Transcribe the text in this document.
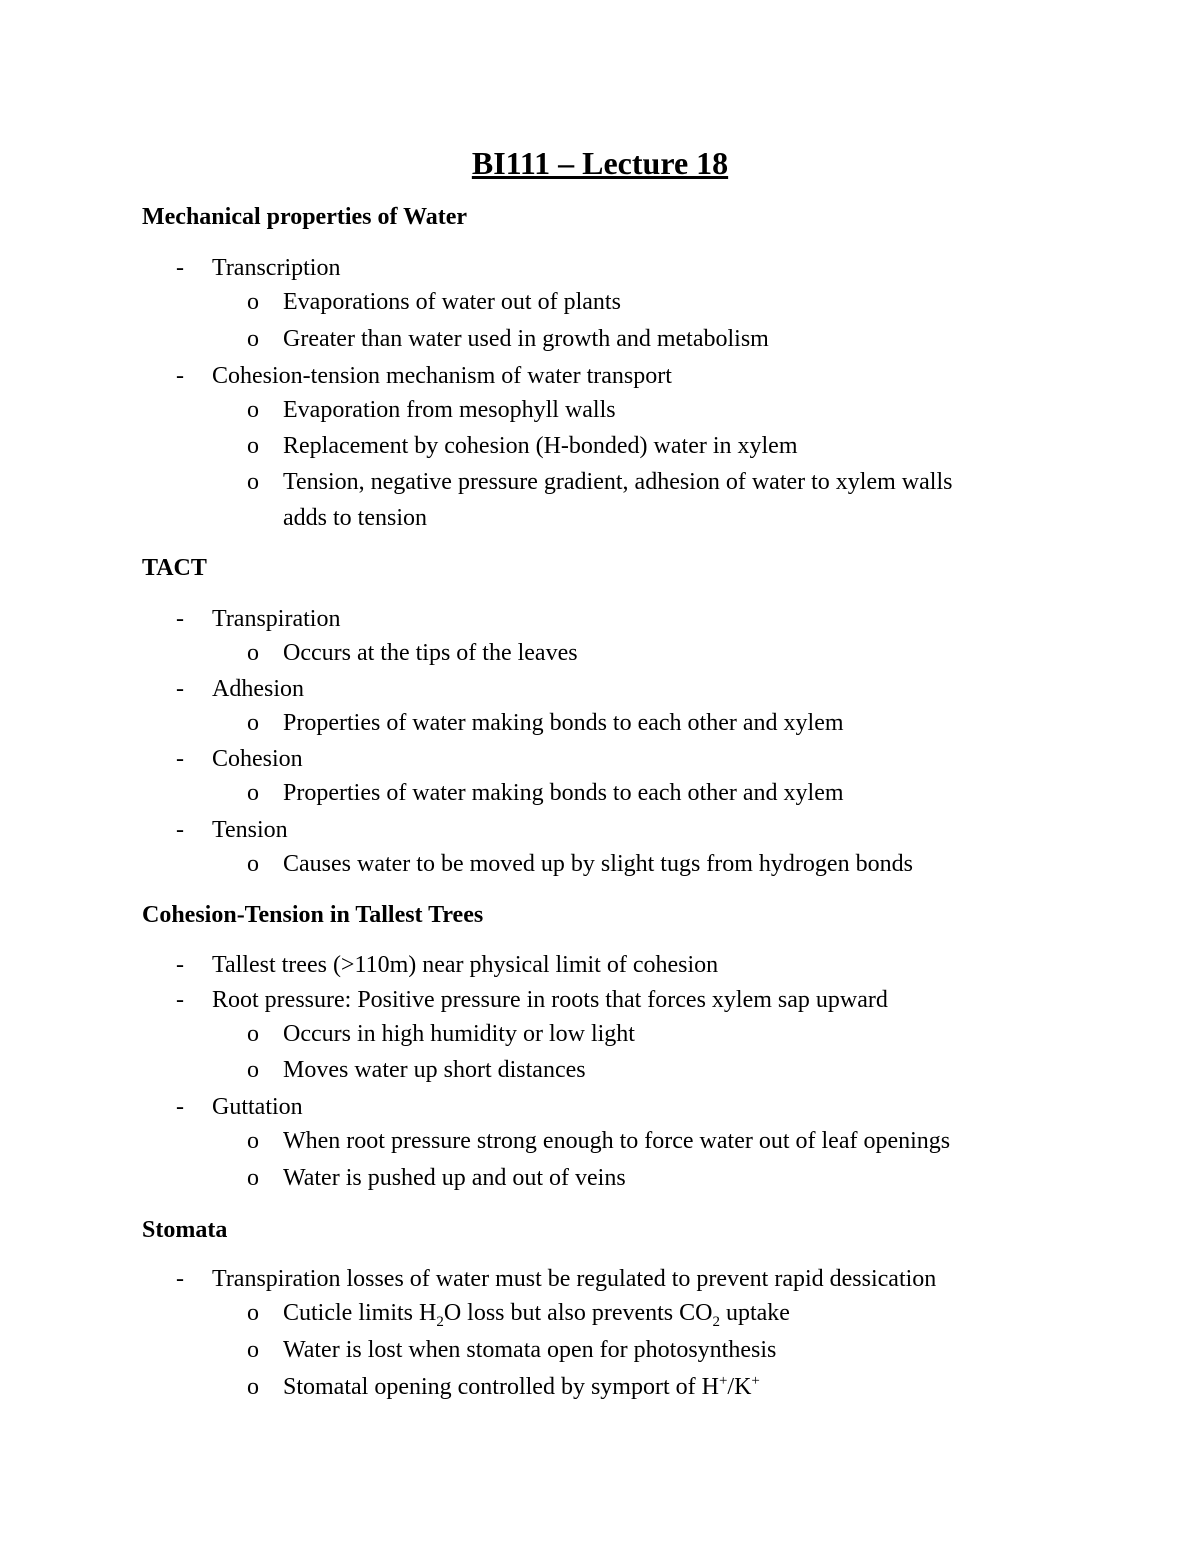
BI111 – Lecture 18
Mechanical properties of Water
- Transcription
o Evaporations of water out of plants
o Greater than water used in growth and metabolism
- Cohesion-tension mechanism of water transport
o Evaporation from mesophyll walls
o Replacement by cohesion (H-bonded) water in xylem
o Tension, negative pressure gradient, adhesion of water to xylem walls
adds to tension
TACT
- Transpiration
o Occurs at the tips of the leaves
- Adhesion
o Properties of water making bonds to each other and xylem
- Cohesion
o Properties of water making bonds to each other and xylem
- Tension
o Causes water to be moved up by slight tugs from hydrogen bonds
Cohesion-Tension in Tallest Trees
- Tallest trees (>110m) near physical limit of cohesion
- Root pressure: Positive pressure in roots that forces xylem sap upward
o Occurs in high humidity or low light
o Moves water up short distances
- Guttation
o When root pressure strong enough to force water out of leaf openings
o Water is pushed up and out of veins
Stomata
- Transpiration losses of water must be regulated to prevent rapid dessication
o Cuticle limits $H_2O$ loss but also prevents $CO_2$ uptake
o Water is lost when stomata open for photosynthesis
o Stomatal opening controlled by symport of H+/K+
